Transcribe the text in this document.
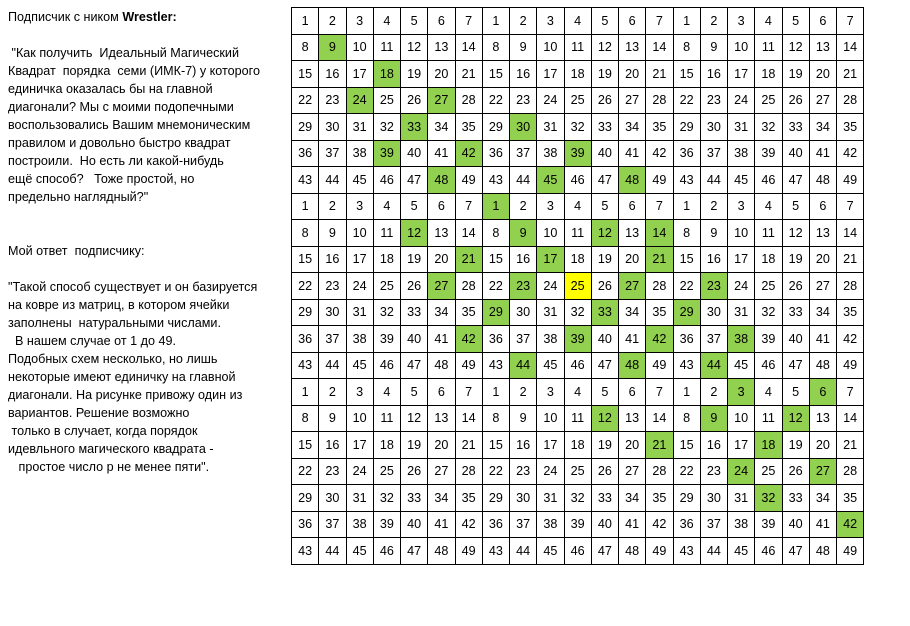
Подписчик с ником Wrestler:

"Как получить  Идеальный Магический

Квадрат  порядка  семи (ИМК-7) у которого

единичка оказалась бы на главной

диагонали? Мы с моими подопечными

воспользовались Вашим мнемоническим

правилом и довольно быстро квадрат

построили.  Но есть ли какой-нибудь

ещё способ?   Тоже простой, но

предельно наглядный?"

Мой ответ  подписчику:

"Такой способ существует и он базируется

на ковре из матриц, в котором ячейки

заполнены  натуральными числами.

В нашем случае от 1 до 49.

Подобных схем несколько, но лишь

некоторые имеют единичку на главной

диагонали. На рисунке привожу один из

вариантов. Решение возможно

только в случает, когда порядок

идевльного магического квадрата -

простое число p не менее пяти".

1	2	3	4	5	6	7	1	2	3	4	5	6	7	1	2	3	4	5	6	7
8	9	10	11	12	13	14	8	9	10	11	12	13	14	8	9	10	11	12	13	14
15	16	17	18	19	20	21	15	16	17	18	19	20	21	15	16	17	18	19	20	21
22	23	24	25	26	27	28	22	23	24	25	26	27	28	22	23	24	25	26	27	28
29	30	31	32	33	34	35	29	30	31	32	33	34	35	29	30	31	32	33	34	35
36	37	38	39	40	41	42	36	37	38	39	40	41	42	36	37	38	39	40	41	42
43	44	45	46	47	48	49	43	44	45	46	47	48	49	43	44	45	46	47	48	49
1	2	3	4	5	6	7	1	2	3	4	5	6	7	1	2	3	4	5	6	7
8	9	10	11	12	13	14	8	9	10	11	12	13	14	8	9	10	11	12	13	14
15	16	17	18	19	20	21	15	16	17	18	19	20	21	15	16	17	18	19	20	21
22	23	24	25	26	27	28	22	23	24	25	26	27	28	22	23	24	25	26	27	28
29	30	31	32	33	34	35	29	30	31	32	33	34	35	29	30	31	32	33	34	35
36	37	38	39	40	41	42	36	37	38	39	40	41	42	36	37	38	39	40	41	42
43	44	45	46	47	48	49	43	44	45	46	47	48	49	43	44	45	46	47	48	49
1	2	3	4	5	6	7	1	2	3	4	5	6	7	1	2	3	4	5	6	7
8	9	10	11	12	13	14	8	9	10	11	12	13	14	8	9	10	11	12	13	14
15	16	17	18	19	20	21	15	16	17	18	19	20	21	15	16	17	18	19	20	21
22	23	24	25	26	27	28	22	23	24	25	26	27	28	22	23	24	25	26	27	28
29	30	31	32	33	34	35	29	30	31	32	33	34	35	29	30	31	32	33	34	35
36	37	38	39	40	41	42	36	37	38	39	40	41	42	36	37	38	39	40	41	42
43	44	45	46	47	48	49	43	44	45	46	47	48	49	43	44	45	46	47	48	49
